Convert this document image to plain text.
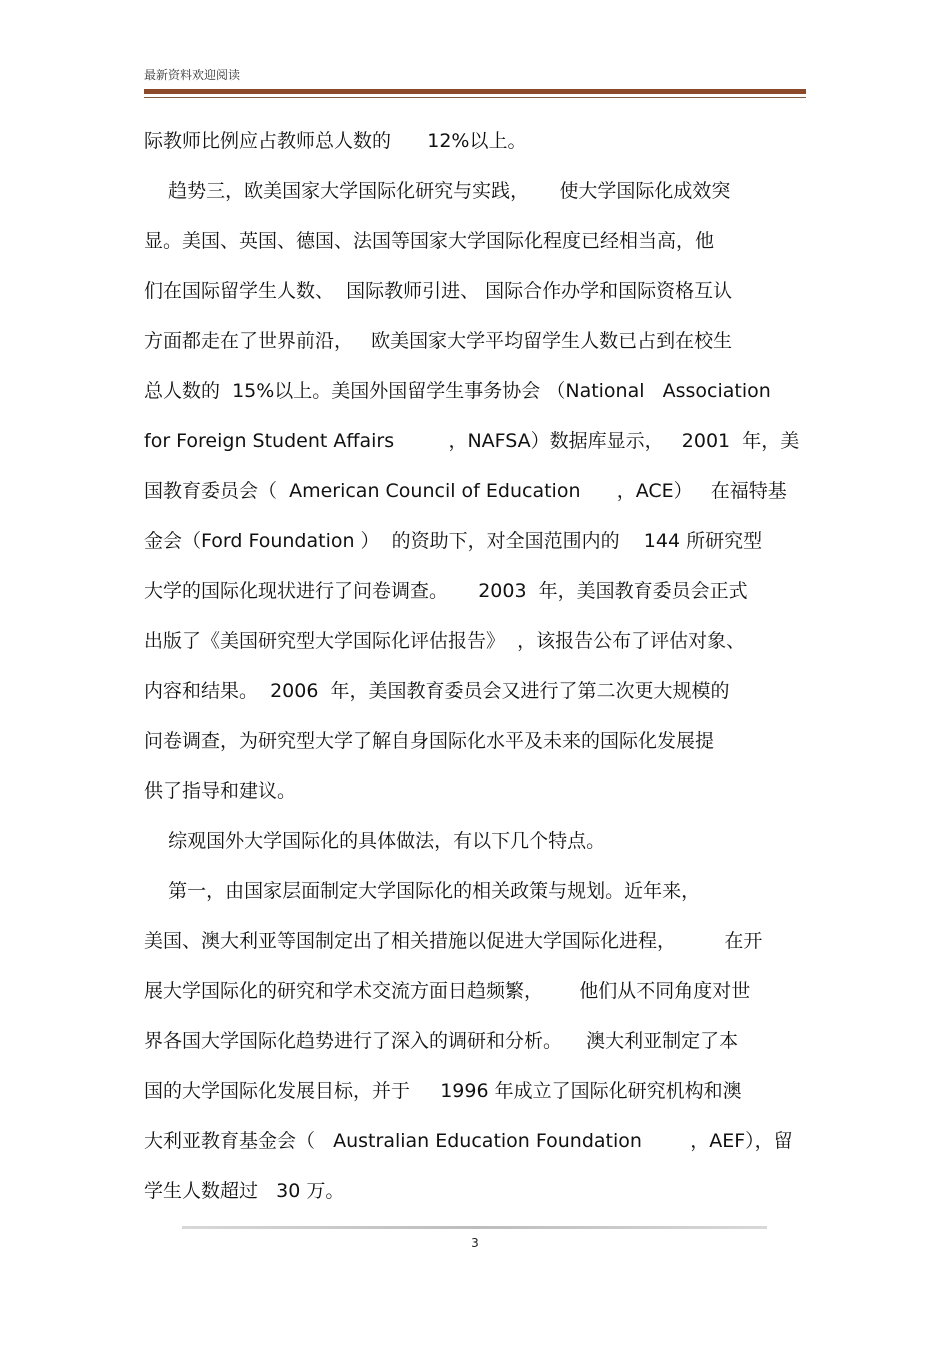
最新资料欢迎阅读
际教师比例应占教师总人数的      12%以上。
趋势三，欧美国家大学国际化研究与实践，     使大学国际化成效突
显。美国、英国、德国、法国等国家大学国际化程度已经相当高，他
们在国际留学生人数、  国际教师引进、 国际合作办学和国际资格互认
方面都走在了世界前沿，   欧美国家大学平均留学生人数已占到在校生
总人数的  15%以上。美国外国留学生事务协会 （National   Association
for Foreign Student Affairs         ，NAFSA）数据库显示，   2001  年，美
国教育委员会（  American Council of Education      ，ACE）   在福特基
金会（Ford Foundation ）  的资助下，对全国范围内的    144 所研究型
大学的国际化现状进行了问卷调查。     2003  年，美国教育委员会正式
出版了《美国研究型大学国际化评估报告》  ，该报告公布了评估对象、
内容和结果。  2006  年，美国教育委员会又进行了第二次更大规模的
问卷调查，为研究型大学了解自身国际化水平及未来的国际化发展提
供了指导和建议。
综观国外大学国际化的具体做法，有以下几个特点。
第一，由国家层面制定大学国际化的相关政策与规划。近年来，
美国、澳大利亚等国制定出了相关措施以促进大学国际化进程，        在开
展大学国际化的研究和学术交流方面日趋频繁，      他们从不同角度对世
界各国大学国际化趋势进行了深入的调研和分析。    澳大利亚制定了本
国的大学国际化发展目标，并于     1996 年成立了国际化研究机构和澳
大利亚教育基金会（   Australian Education Foundation        ，AEF），留
学生人数超过   30 万。
3
